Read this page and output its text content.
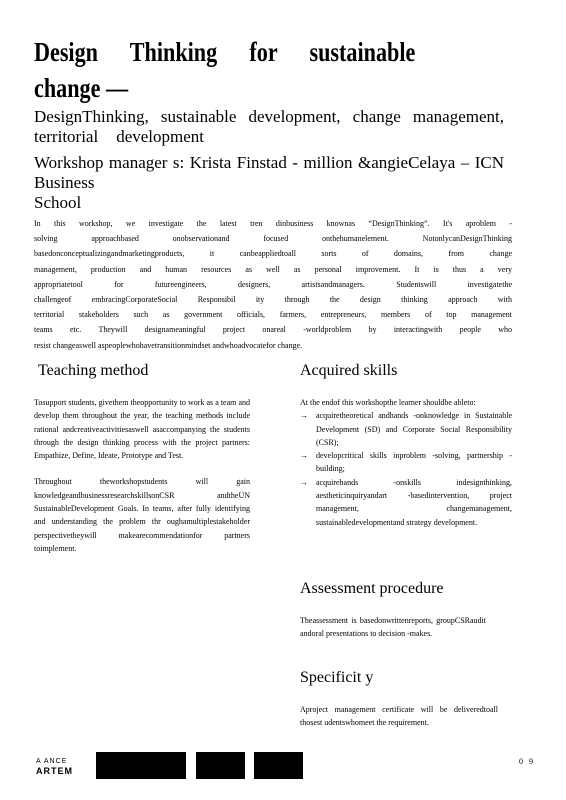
Design Thinking for sustainable
change —
DesignThinking, sustainable development, change management,
territorial development
Workshop manager s: Krista Finstad - million &angieCelaya – ICN
Business School

In this workshop, we investigate the latest tren dinbusiness knownas “DesignThinking”. It's aproblem -

solving approachbased onobservationand focused onthehumanelement. NotonlycanDesignThinking

basedonconceptualizingandmarketingproducts, it canbeappliedtoall sorts of domains, from change

management, production and human resources as well as personal improvement. It is thus a very

appropriatetool for futureengineers, designers, artistsandmanagers. Studentswill investigatethe

challengeof embracingCorporateSocial Responsibil ity through the design thinking approach with

territorial stakeholders such as government officials, farmers, entrepreneurs, members of top management

teams etc. Theywill designameaningful project onareal -worldproblem by interactingwith people who

resist changeaswell aspeoplewhohavetransitionmindset andwhoadvocatefor change.

Teaching method

Tosupport students, givethem theopportunity to work as a team and develop them throughout the year, the teaching methods include rational andcreativeactivitiesaswell asaccompanying the students through the design thinking process with the project partners: Empathize, Define, Ideate, Prototype and Test.

Throughout theworkshopstudents will gain knowledgeandbusinessresearchskillsonCSR andtheUN SustainableDevelopment Goals. In teams, after fully identifying and understanding the problem thr oughamultiplestakeholder perspectivetheywill makearecommendationfor partners toimplement.

Acquired skills

At the endof this workshopthe learner shouldbe ableto:

→ acquiretheoretical andhands -onknowledge in Sustainable Development (SD) and Corporate Social Responsibility (CSR);
→ developcritical skills inproblem -solving, partnership -building;
→ acquirehands -onskills indesignthinking, aestheticinquiryandart -basedintervention, project management, changemanagement, sustainabledevelopmentand strategy development.
Assessment procedure
Theassessment is basedonwrittenreports, groupCSRaudit andoral presentations to decision -makes.
Specificit y
Aproject management certificate will be deliveredtoall thosest udentswhomeet the requirement.
A ANCE
ARTEM
0 9
